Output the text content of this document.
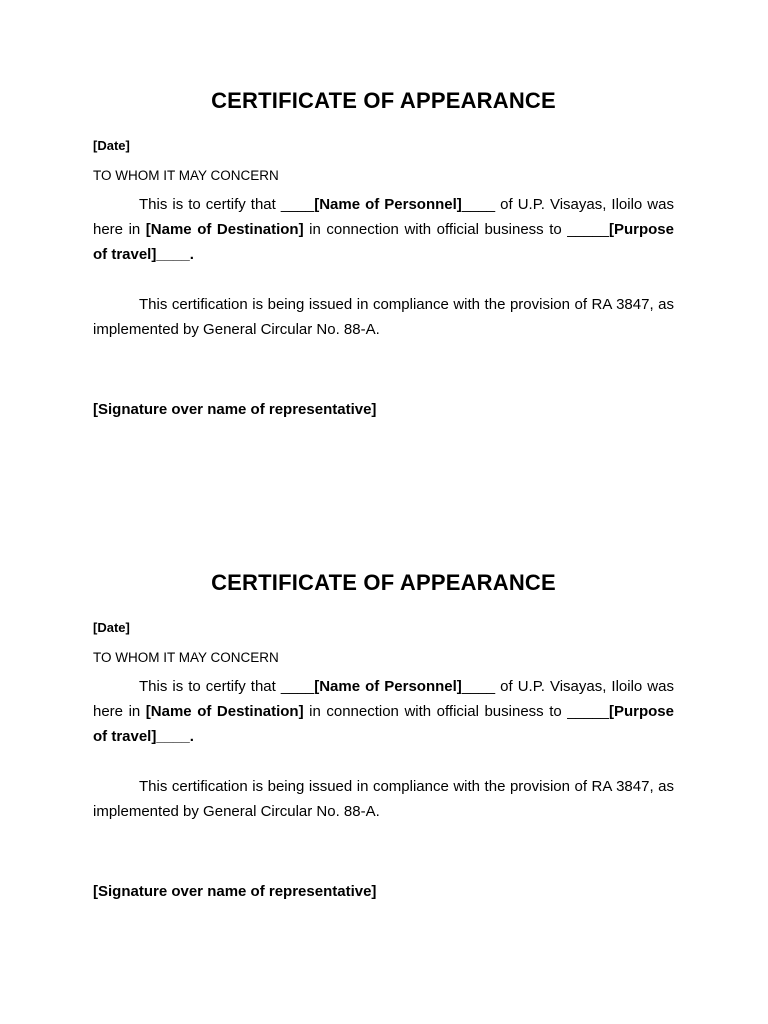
CERTIFICATE OF APPEARANCE
[Date]
TO WHOM IT MAY CONCERN

This is to certify that ____[Name of Personnel]____ of U.P. Visayas, Iloilo was here in [Name of Destination] in connection with official business to _____[Purpose of travel]____.

This certification is being issued in compliance with the provision of RA 3847, as implemented by General Circular No. 88-A.

[Signature over name of representative]
CERTIFICATE OF APPEARANCE
[Date]
TO WHOM IT MAY CONCERN

This is to certify that ____[Name of Personnel]____ of U.P. Visayas, Iloilo was here in [Name of Destination] in connection with official business to _____[Purpose of travel]____.

This certification is being issued in compliance with the provision of RA 3847, as implemented by General Circular No. 88-A.

[Signature over name of representative]
